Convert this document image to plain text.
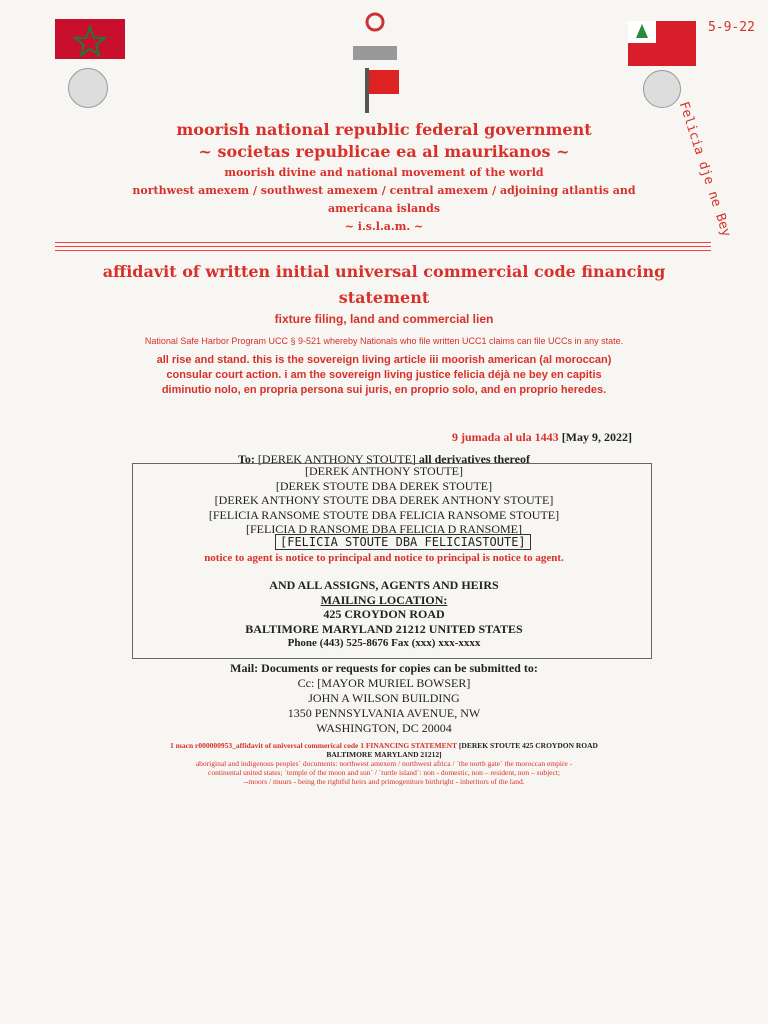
5-9-22
Felicia dje ne Bey
moorish national republic federal government
~ societas republicae ea al maurikanos ~
moorish divine and national movement of the world
northwest amexem / southwest amexem / central amexem / adjoining atlantis and
americana islands
~ i.s.l.a.m. ~
affidavit of written initial universal commercial code financing
statement
fixture filing, land and commercial lien
National Safe Harbor Program UCC § 9-521 whereby Nationals who file written UCC1 claims can file UCCs in any state.
all rise and stand. this is the sovereign living article iii moorish american (al moroccan)
consular court action. i am the sovereign living justice felicia déjà ne bey en capitis
diminutio nolo, en propria persona sui juris, en proprio solo, and en proprio heredes.
9 jumada al ula 1443 [May 9, 2022]
To: [DEREK ANTHONY STOUTE] all derivatives thereof
[DEREK ANTHONY STOUTE]
[DEREK STOUTE DBA DEREK STOUTE]
[DEREK ANTHONY STOUTE DBA DEREK ANTHONY STOUTE]
[FELICIA RANSOME STOUTE DBA FELICIA RANSOME STOUTE]
[FELICIA D RANSOME DBA FELICIA D RANSOME]
[FELICIA STOUTE DBA FELICIASTOUTE]
notice to agent is notice to principal and notice to principal is notice to agent.
AND ALL ASSIGNS, AGENTS AND HEIRS
MAILING LOCATION:
425 CROYDON ROAD
BALTIMORE MARYLAND 21212 UNITED STATES
Phone (443) 525-8676 Fax (xxx) xxx-xxxx
Mail: Documents or requests for copies can be submitted to:
Cc: [MAYOR MURIEL BOWSER]
JOHN A WILSON BUILDING
1350 PENNSYLVANIA AVENUE, NW
WASHINGTON, DC 20004
1 macn r000000953_affidavit of universal commerical code 1 FINANCING STATEMENT [DEREK STOUTE 425 CROYDON ROAD
BALTIMORE MARYLAND 21212]
aboriginal and indigenous peoples` documents: northwest amexem / northwest africa / `the north gate` the moroccan empire -
continental united states; `temple of the moon and sun` / `turtle island`: non - domestic, non – resident, non – subject;
--moors / muurs - being the rightful heirs and primogeniture birthright - inheritors of the land.
